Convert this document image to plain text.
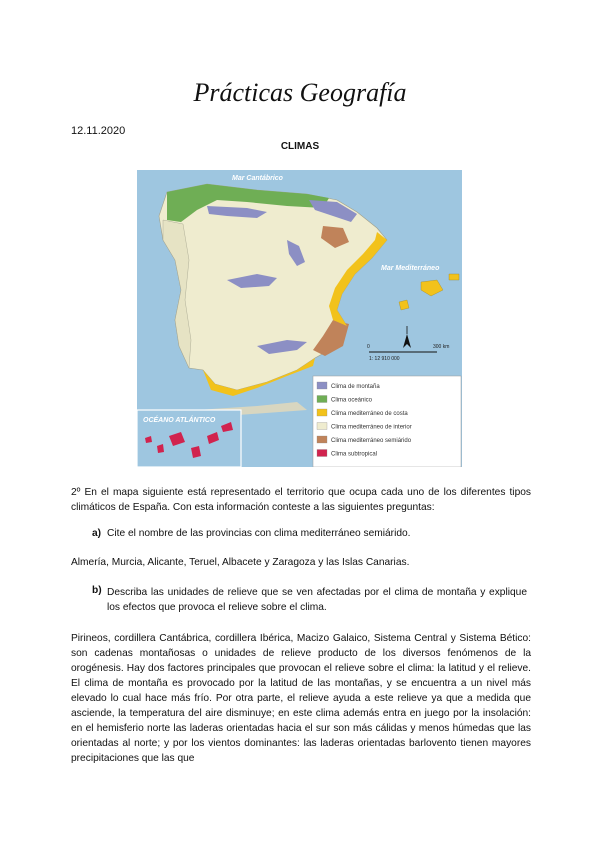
Prácticas Geografía
12.11.2020
CLIMAS
Mar Cantábrico
Mar Mediterráneo
0	300 km
1: 12 910 000
OCÉANO ATLÁNTICO
Clima de montaña
Clima oceánico
Clima mediterráneo de costa
Clima mediterráneo de interior
Clima mediterráneo semiárido
Clima subtropical
2º En el mapa siguiente está representado el territorio que ocupa cada uno de los diferentes tipos climáticos de España. Con esta información conteste a las siguientes preguntas:
a) Cite el nombre de las provincias con clima mediterráneo semiárido.
Almería, Murcia, Alicante, Teruel, Albacete y Zaragoza y las Islas Canarias.
b) Describa las unidades de relieve que se ven afectadas por el clima de montaña y explique los efectos que provoca el relieve sobre el clima.
Pirineos, cordillera Cantábrica, cordillera Ibérica, Macizo Galaico, Sistema Central y Sistema Bético: son cadenas montañosas o unidades de relieve producto de los diversos fenómenos de la orogénesis. Hay dos factores principales que provocan el relieve sobre el clima: la latitud y el relieve. El clima de montaña es provocado por la latitud de las montañas, y se encuentra a un nivel más elevado lo cual hace más frío. Por otra parte, el relieve ayuda a este relieve ya que a medida que asciende, la temperatura del aire disminuye; en este clima además entra en juego por la insolación: en el hemisferio norte las laderas orientadas hacia el sur son más cálidas y menos húmedas que las orientadas al norte; y por los vientos dominantes: las laderas orientadas barlovento tienen mayores precipitaciones que las que
